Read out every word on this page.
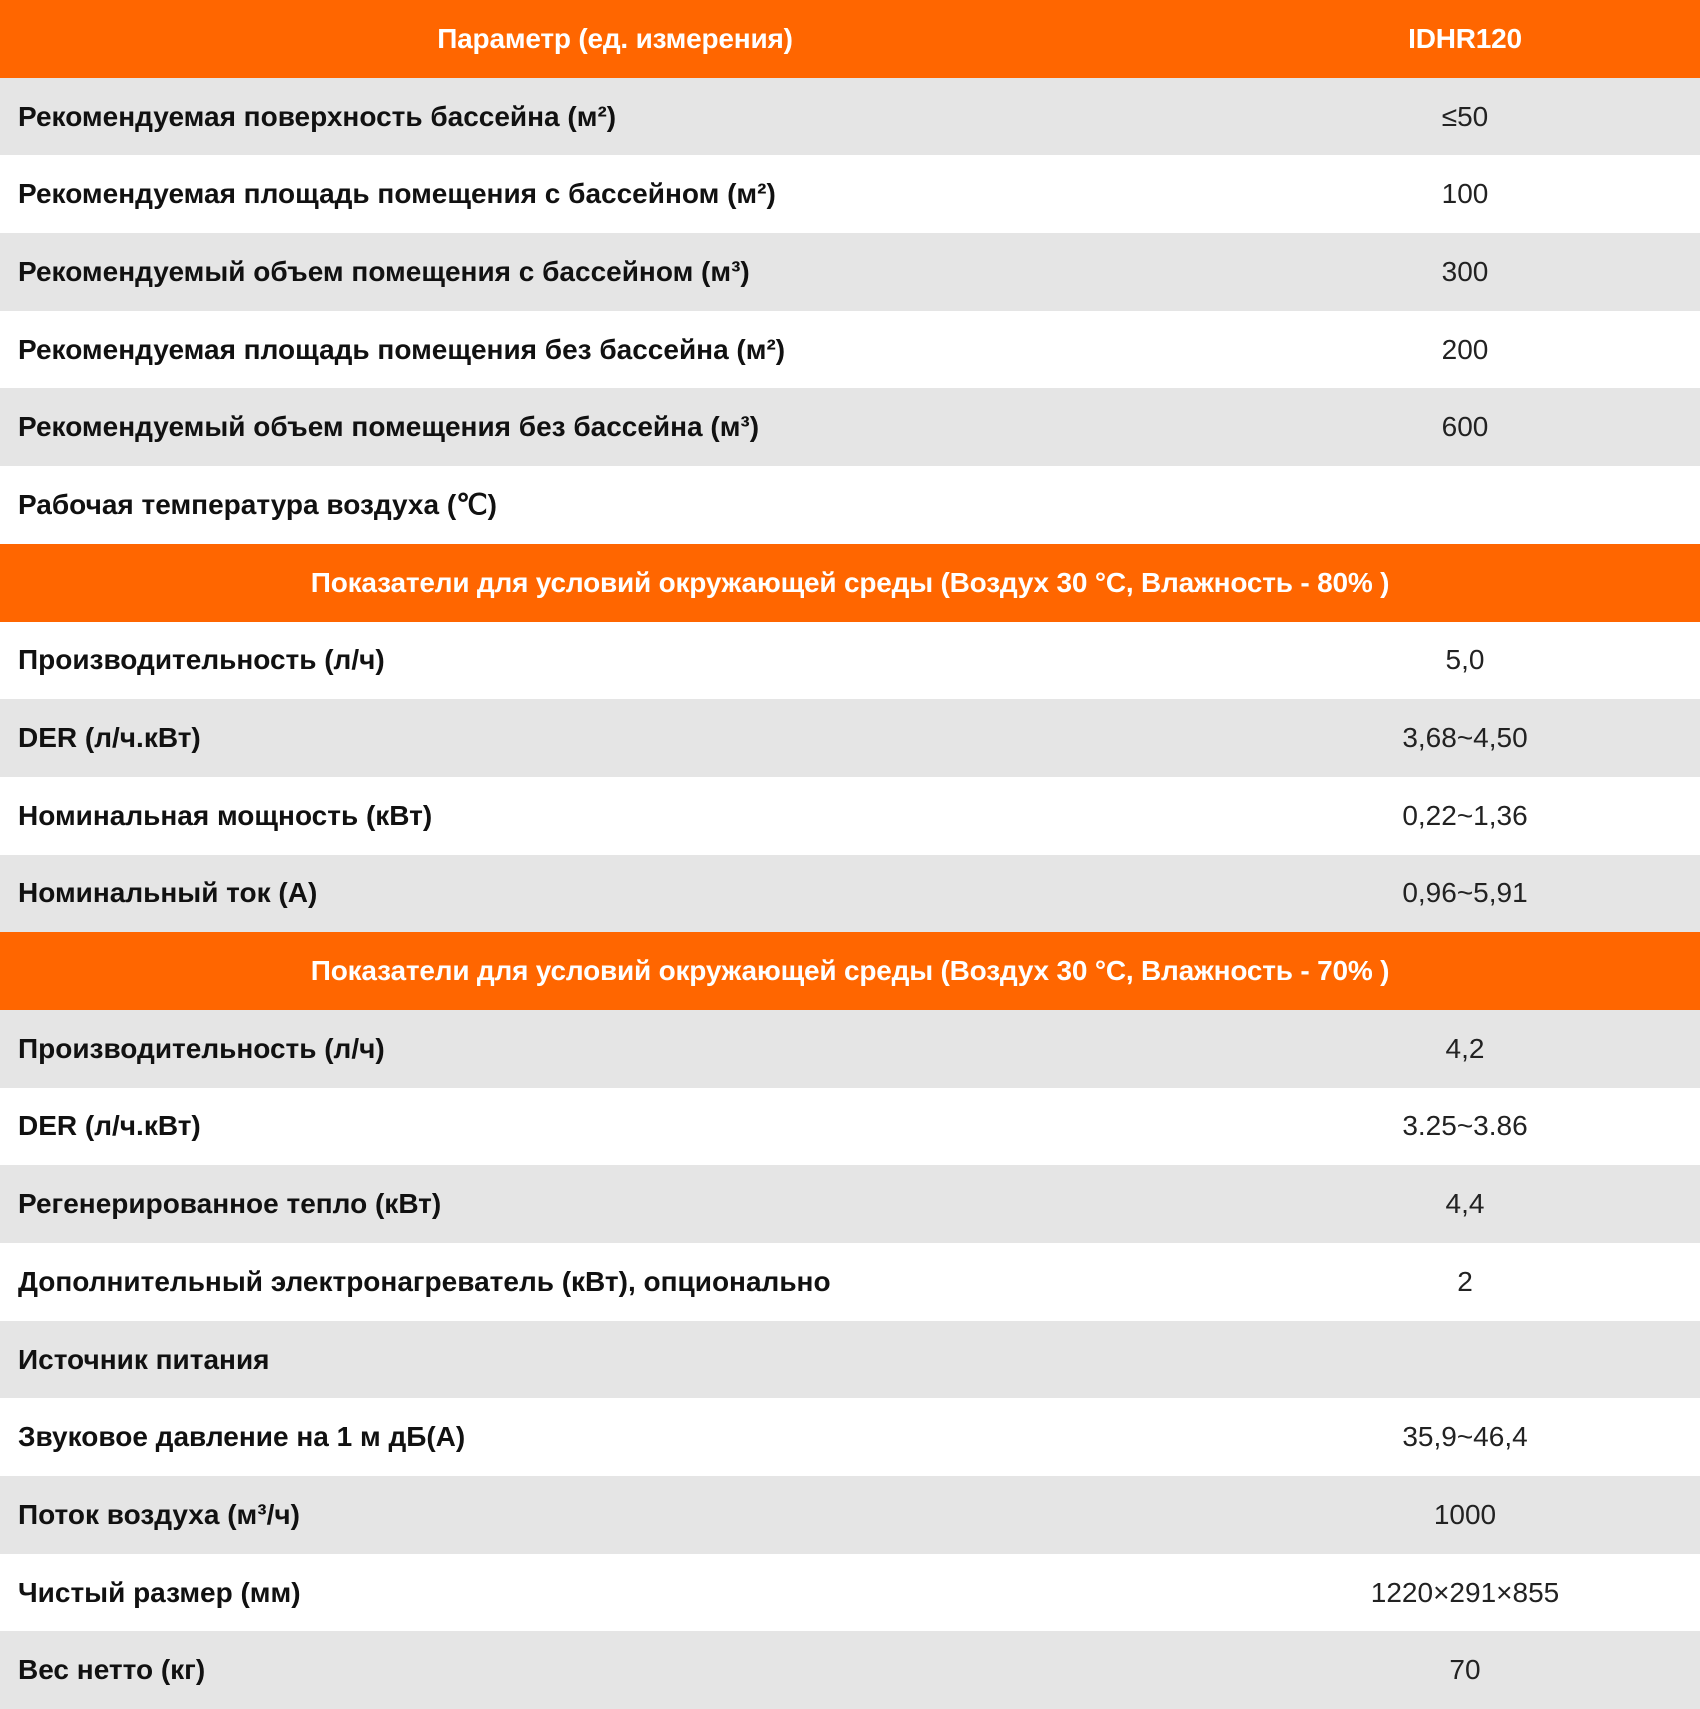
Параметр (ед. измерения)	IDHR120
Рекомендуемая поверхность бассейна (м²)	≤50
Рекомендуемая площадь помещения с бассейном (м²)	100
Рекомендуемый объем помещения с бассейном (м³)	300
Рекомендуемая площадь помещения без бассейна (м²)	200
Рекомендуемый объем помещения без бассейна (м³)	600
Рабочая температура воздуха (℃)	
Показатели для условий окружающей среды (Воздух 30 °C, Влажность - 80% )	
Производительность (л/ч)	5,0
DER (л/ч.кВт)	3,68~4,50
Номинальная мощность (кВт)	0,22~1,36
Номинальный ток (А)	0,96~5,91
Показатели для условий окружающей среды (Воздух 30 °C, Влажность - 70% )	
Производительность (л/ч)	4,2
DER (л/ч.кВт)	3.25~3.86
Регенерированное тепло (кВт)	4,4
Дополнительный электронагреватель (кВт), опционально	2
Источник питания	
Звуковое давление на 1 м дБ(А)	35,9~46,4
Поток воздуха (м³/ч)	1000
Чистый размер (мм)	1220×291×855
Вес нетто (кг)	70
